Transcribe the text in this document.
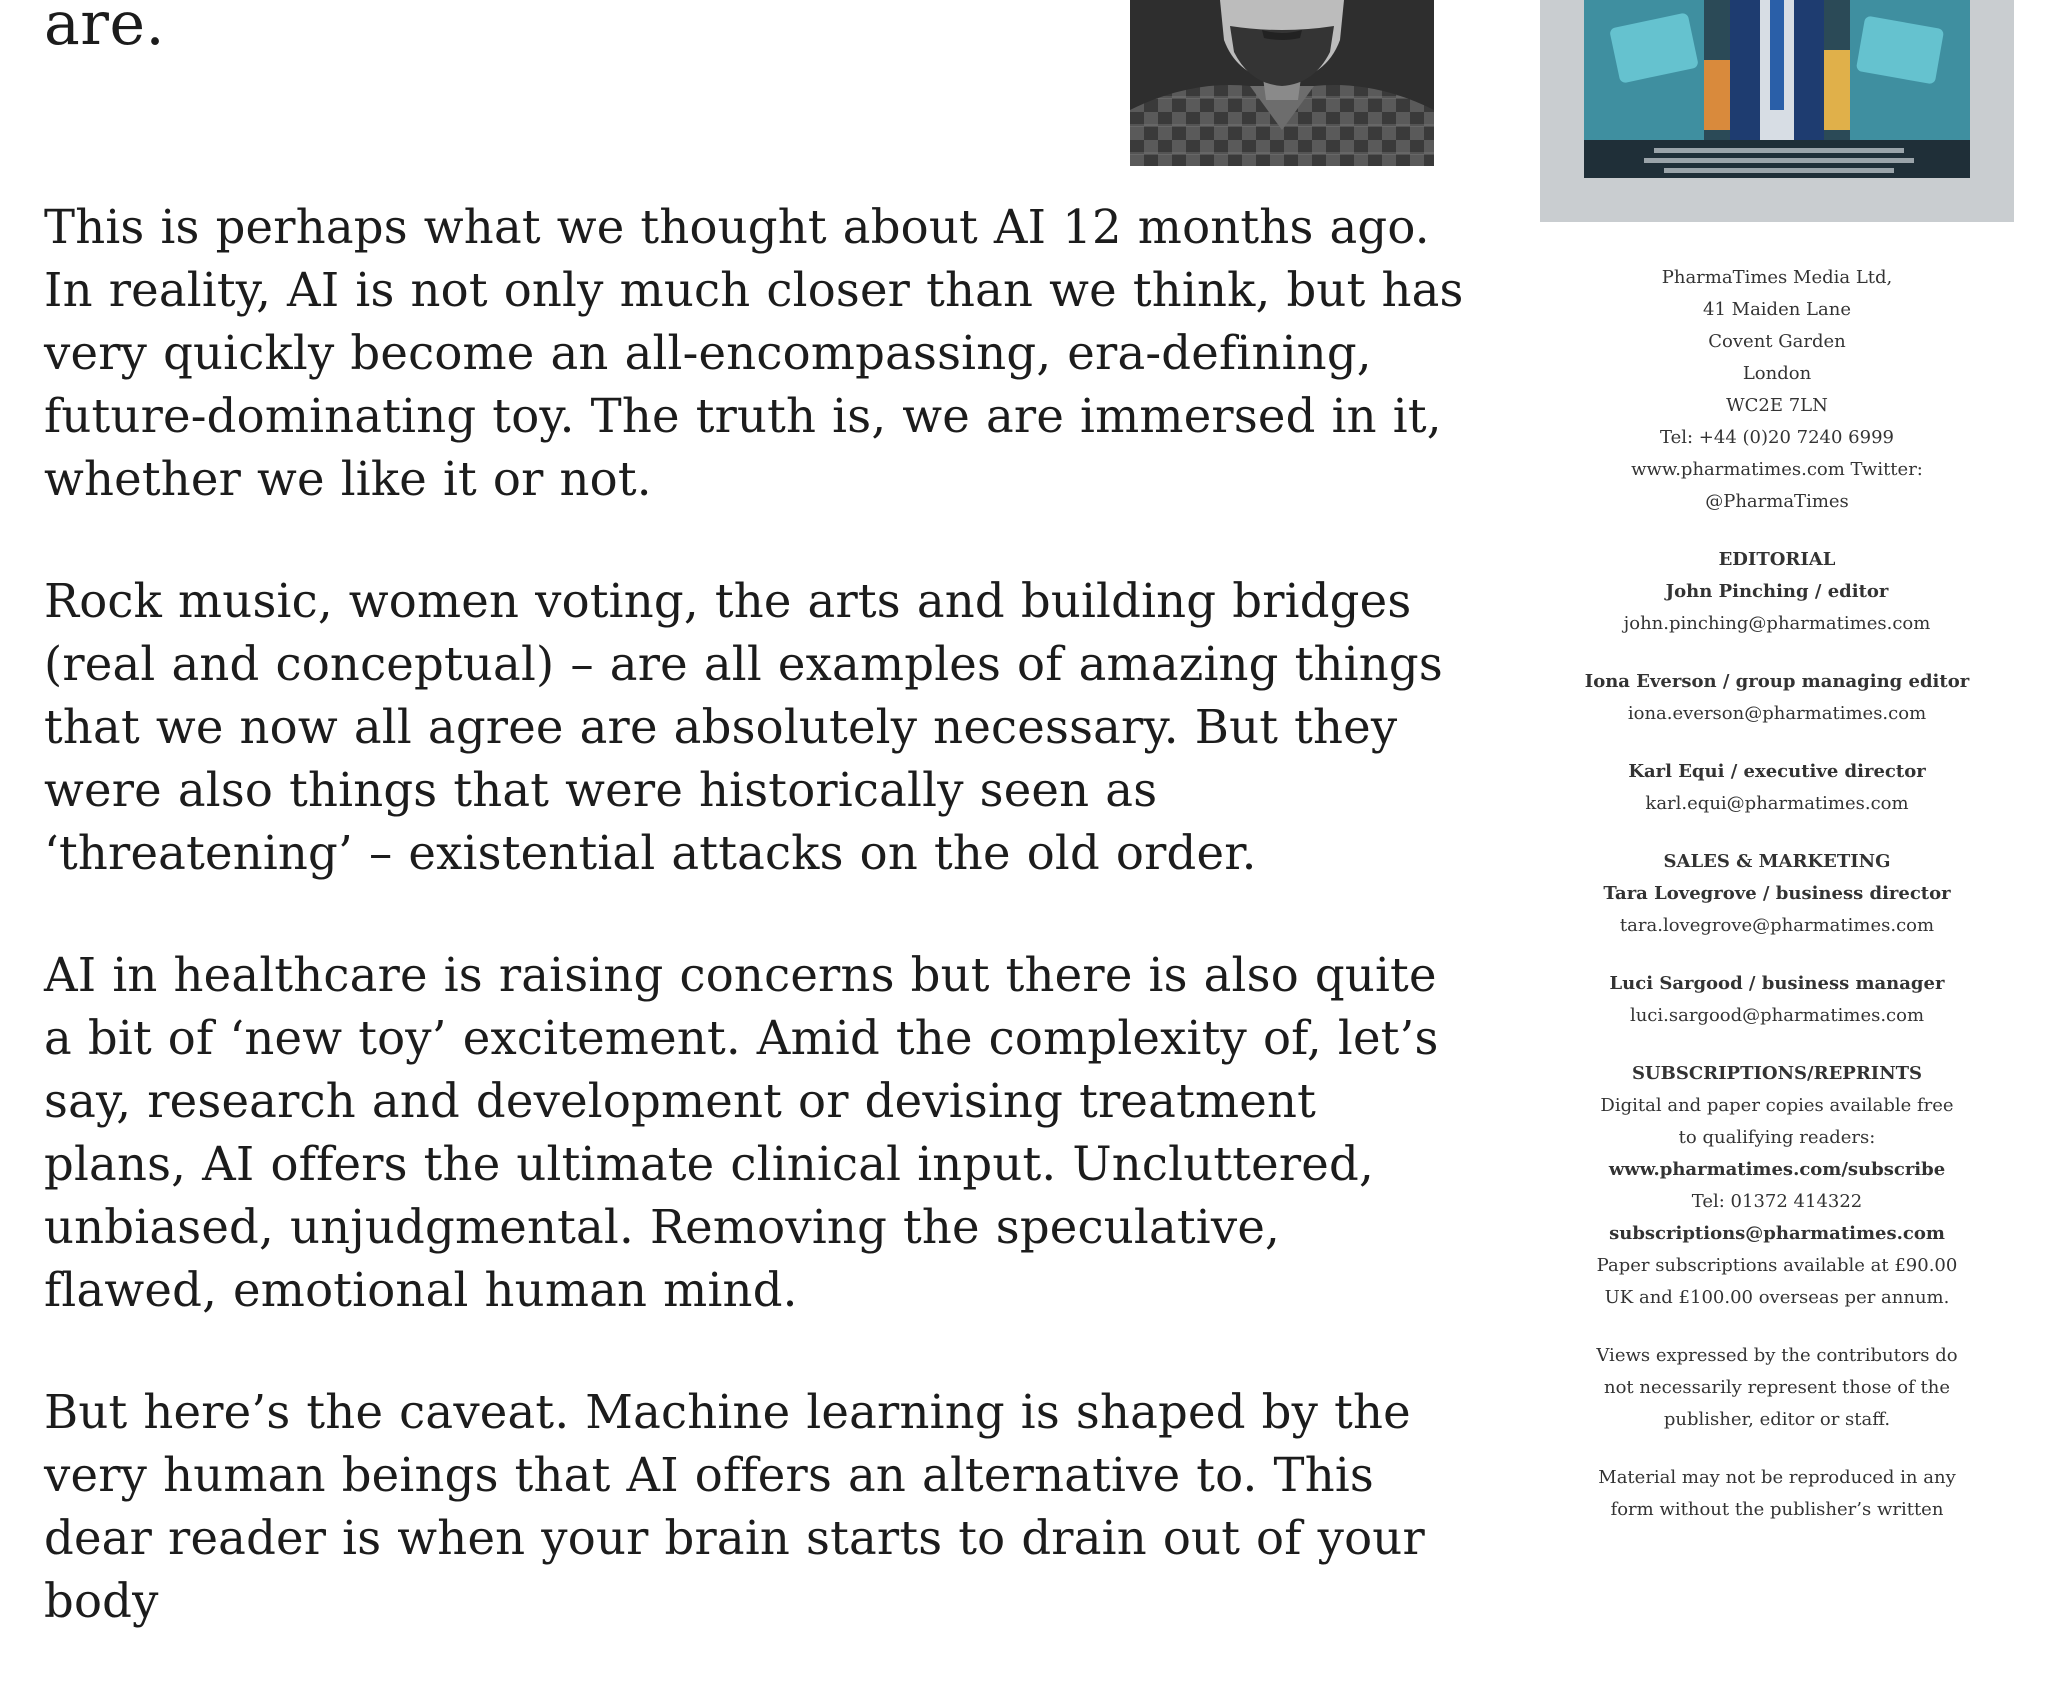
are.

This is perhaps what we thought about AI 12 months ago. In reality, AI is not only much closer than we think, but has very quickly become an all-encompassing, era-defining, future-dominating toy. The truth is, we are immersed in it, whether we like it or not.

Rock music, women voting, the arts and building bridges (real and conceptual) – are all examples of amazing things that we now all agree are absolutely necessary. But they were also things that were historically seen as ‘threatening’ – existential attacks on the old order.

AI in healthcare is raising concerns but there is also quite a bit of ‘new toy’ excitement. Amid the complexity of, let’s say, research and development or devising treatment plans, AI offers the ultimate clinical input. Uncluttered, unbiased, unjudgmental. Removing the speculative, flawed, emotional human mind.

But here’s the caveat. Machine learning is shaped by the very human beings that AI offers an alternative to. This dear reader is when your brain starts to drain out of your body

PharmaTimes Media Ltd,
41 Maiden Lane
Covent Garden
London
WC2E 7LN
Tel: +44 (0)20 7240 6999
www.pharmatimes.com Twitter:
@PharmaTimes
EDITORIAL
John Pinching / editor
john.pinching@pharmatimes.com
Iona Everson / group managing editor
iona.everson@pharmatimes.com
Karl Equi / executive director
karl.equi@pharmatimes.com
SALES & MARKETING
Tara Lovegrove / business director
tara.lovegrove@pharmatimes.com
Luci Sargood / business manager
luci.sargood@pharmatimes.com
SUBSCRIPTIONS/REPRINTS
Digital and paper copies available free
to qualifying readers:
www.pharmatimes.com/subscribe
Tel: 01372 414322
subscriptions@pharmatimes.com
Paper subscriptions available at £90.00
UK and £100.00 overseas per annum.
Views expressed by the contributors do
not necessarily represent those of the
publisher, editor or staff.
Material may not be reproduced in any
form without the publisher’s written
